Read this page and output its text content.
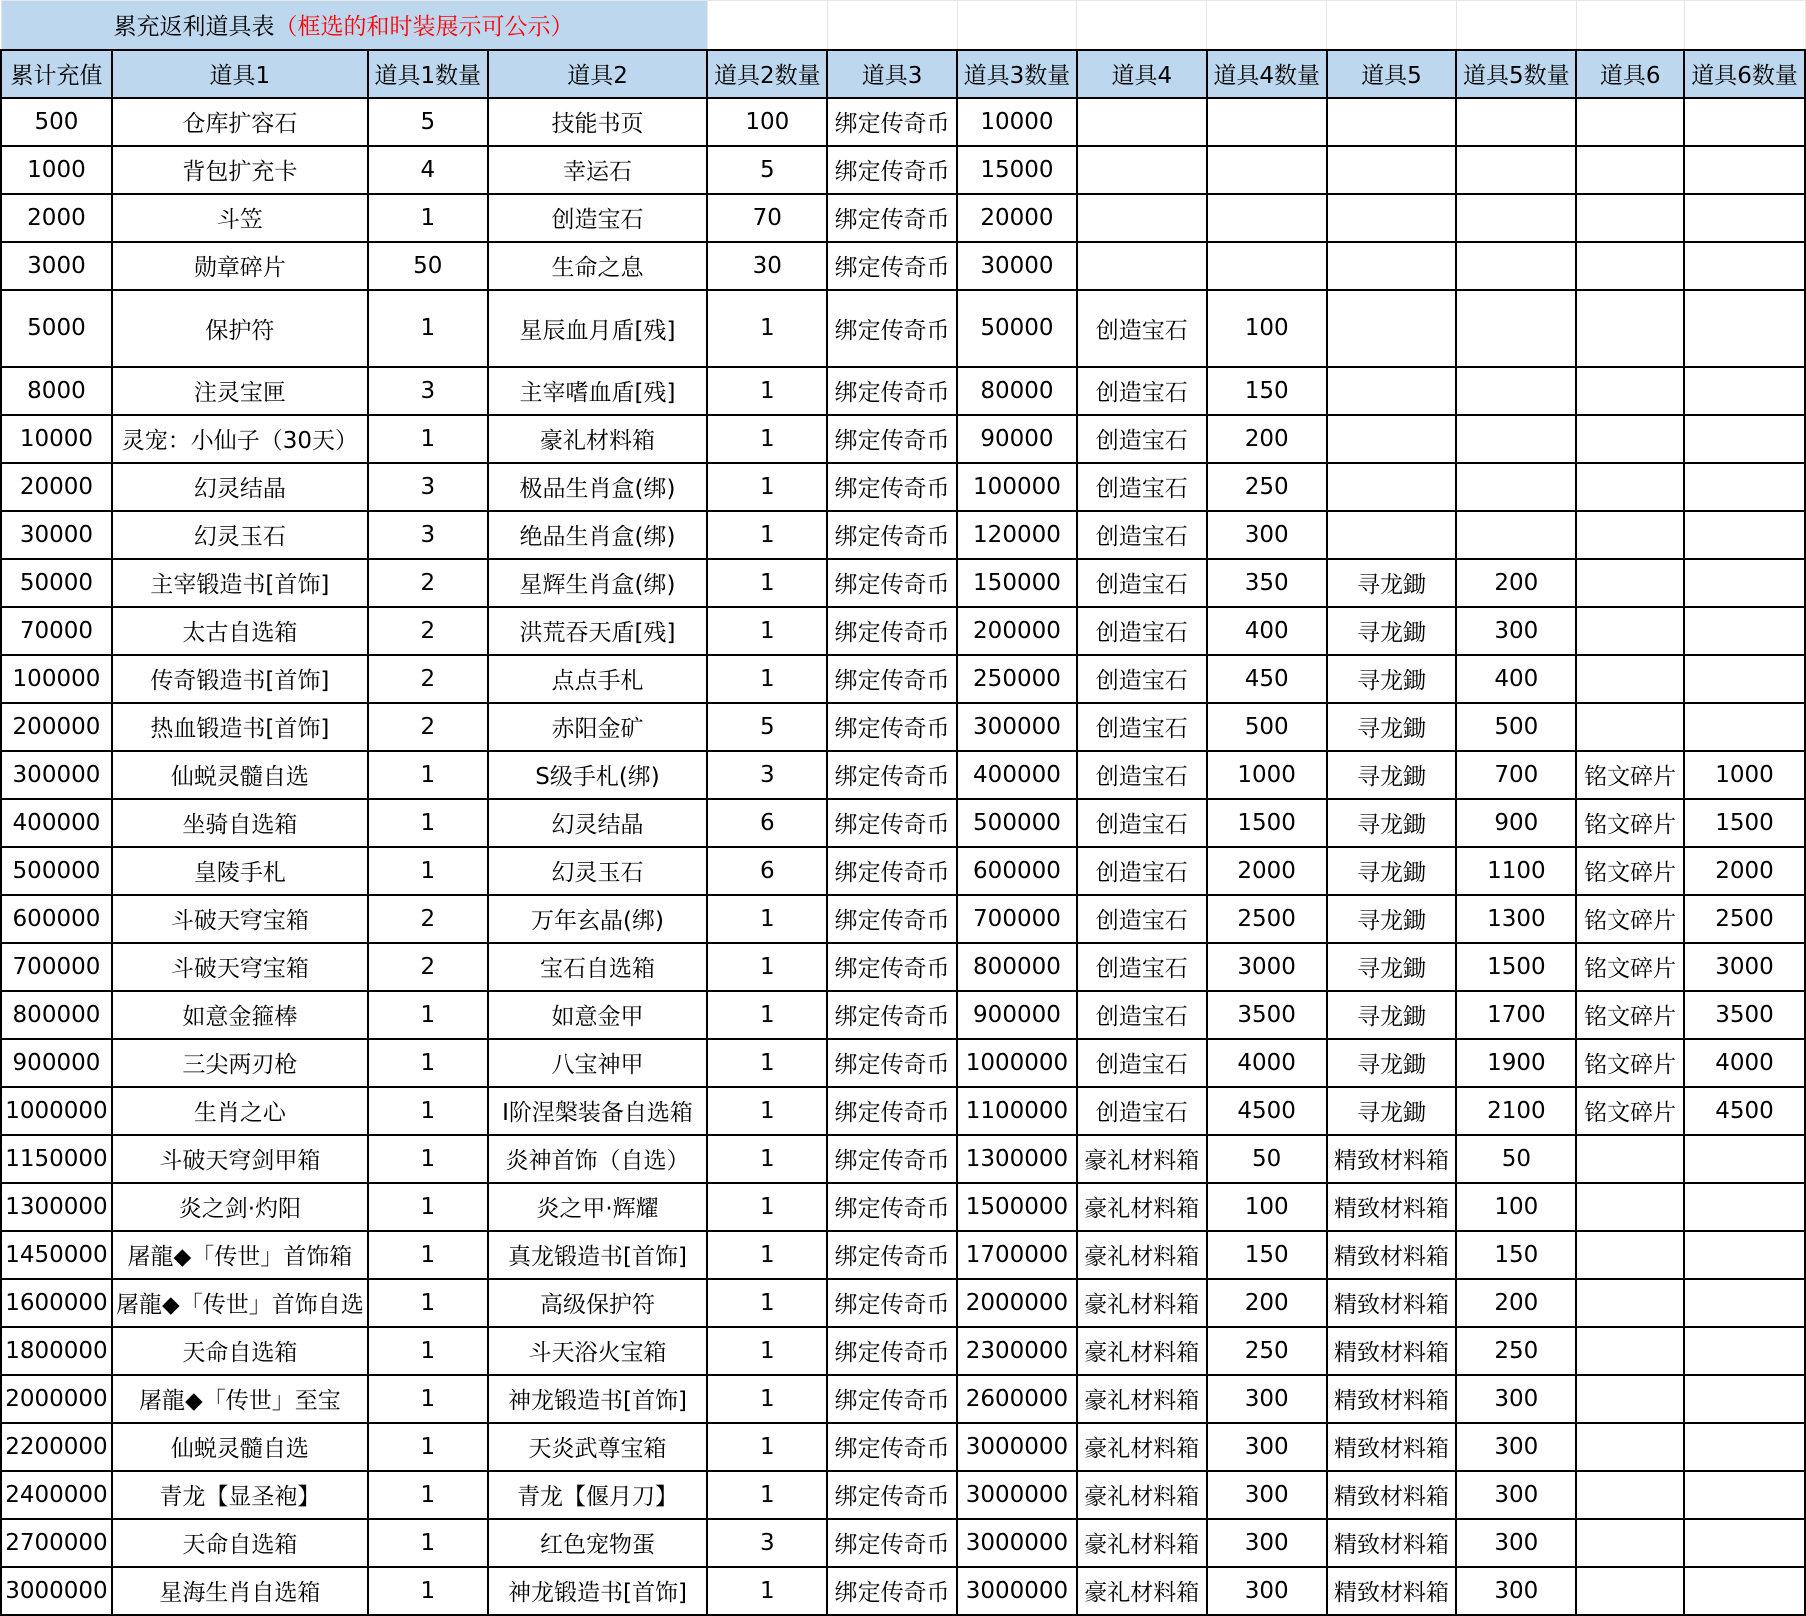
累充返利道具表（框选的和时装展示可公示）												
累计充值	道具1	道具1数量	道具2	道具2数量	道具3	道具3数量	道具4	道具4数量	道具5	道具5数量	道具6	道具6数量
500	仓库扩容石	5	技能书页	100	绑定传奇币	10000						
1000	背包扩充卡	4	幸运石	5	绑定传奇币	15000						
2000	斗笠	1	创造宝石	70	绑定传奇币	20000						
3000	勋章碎片	50	生命之息	30	绑定传奇币	30000						
5000	保护符	1	星辰血月盾[残]	1	绑定传奇币	50000	创造宝石	100				
8000	注灵宝匣	3	主宰嗜血盾[残]	1	绑定传奇币	80000	创造宝石	150				
10000	灵宠：小仙子（30天）	1	豪礼材料箱	1	绑定传奇币	90000	创造宝石	200				
20000	幻灵结晶	3	极品生肖盒(绑)	1	绑定传奇币	100000	创造宝石	250				
30000	幻灵玉石	3	绝品生肖盒(绑)	1	绑定传奇币	120000	创造宝石	300				
50000	主宰锻造书[首饰]	2	星辉生肖盒(绑)	1	绑定传奇币	150000	创造宝石	350	寻龙鋤	200		
70000	太古自选箱	2	洪荒吞天盾[残]	1	绑定传奇币	200000	创造宝石	400	寻龙鋤	300		
100000	传奇锻造书[首饰]	2	点点手札	1	绑定传奇币	250000	创造宝石	450	寻龙鋤	400		
200000	热血锻造书[首饰]	2	赤阳金矿	5	绑定传奇币	300000	创造宝石	500	寻龙鋤	500		
300000	仙蜕灵髓自选	1	S级手札(绑)	3	绑定传奇币	400000	创造宝石	1000	寻龙鋤	700	铭文碎片	1000
400000	坐骑自选箱	1	幻灵结晶	6	绑定传奇币	500000	创造宝石	1500	寻龙鋤	900	铭文碎片	1500
500000	皇陵手札	1	幻灵玉石	6	绑定传奇币	600000	创造宝石	2000	寻龙鋤	1100	铭文碎片	2000
600000	斗破天穹宝箱	2	万年玄晶(绑)	1	绑定传奇币	700000	创造宝石	2500	寻龙鋤	1300	铭文碎片	2500
700000	斗破天穹宝箱	2	宝石自选箱	1	绑定传奇币	800000	创造宝石	3000	寻龙鋤	1500	铭文碎片	3000
800000	如意金箍棒	1	如意金甲	1	绑定传奇币	900000	创造宝石	3500	寻龙鋤	1700	铭文碎片	3500
900000	三尖两刃枪	1	八宝神甲	1	绑定传奇币	1000000	创造宝石	4000	寻龙鋤	1900	铭文碎片	4000
1000000	生肖之心	1	Ⅰ阶涅槃装备自选箱	1	绑定传奇币	1100000	创造宝石	4500	寻龙鋤	2100	铭文碎片	4500
1150000	斗破天穹剑甲箱	1	炎神首饰（自选）	1	绑定传奇币	1300000	豪礼材料箱	50	精致材料箱	50		
1300000	炎之剑·灼阳	1	炎之甲·辉耀	1	绑定传奇币	1500000	豪礼材料箱	100	精致材料箱	100		
1450000	屠龍◆「传世」首饰箱	1	真龙锻造书[首饰]	1	绑定传奇币	1700000	豪礼材料箱	150	精致材料箱	150		
1600000	屠龍◆「传世」首饰自选	1	高级保护符	1	绑定传奇币	2000000	豪礼材料箱	200	精致材料箱	200		
1800000	天命自选箱	1	斗天浴火宝箱	1	绑定传奇币	2300000	豪礼材料箱	250	精致材料箱	250		
2000000	屠龍◆「传世」至宝	1	神龙锻造书[首饰]	1	绑定传奇币	2600000	豪礼材料箱	300	精致材料箱	300		
2200000	仙蜕灵髓自选	1	天炎武尊宝箱	1	绑定传奇币	3000000	豪礼材料箱	300	精致材料箱	300		
2400000	青龙【显圣袍】	1	青龙【偃月刀】	1	绑定传奇币	3000000	豪礼材料箱	300	精致材料箱	300		
2700000	天命自选箱	1	红色宠物蛋	3	绑定传奇币	3000000	豪礼材料箱	300	精致材料箱	300		
3000000	星海生肖自选箱	1	神龙锻造书[首饰]	1	绑定传奇币	3000000	豪礼材料箱	300	精致材料箱	300		
